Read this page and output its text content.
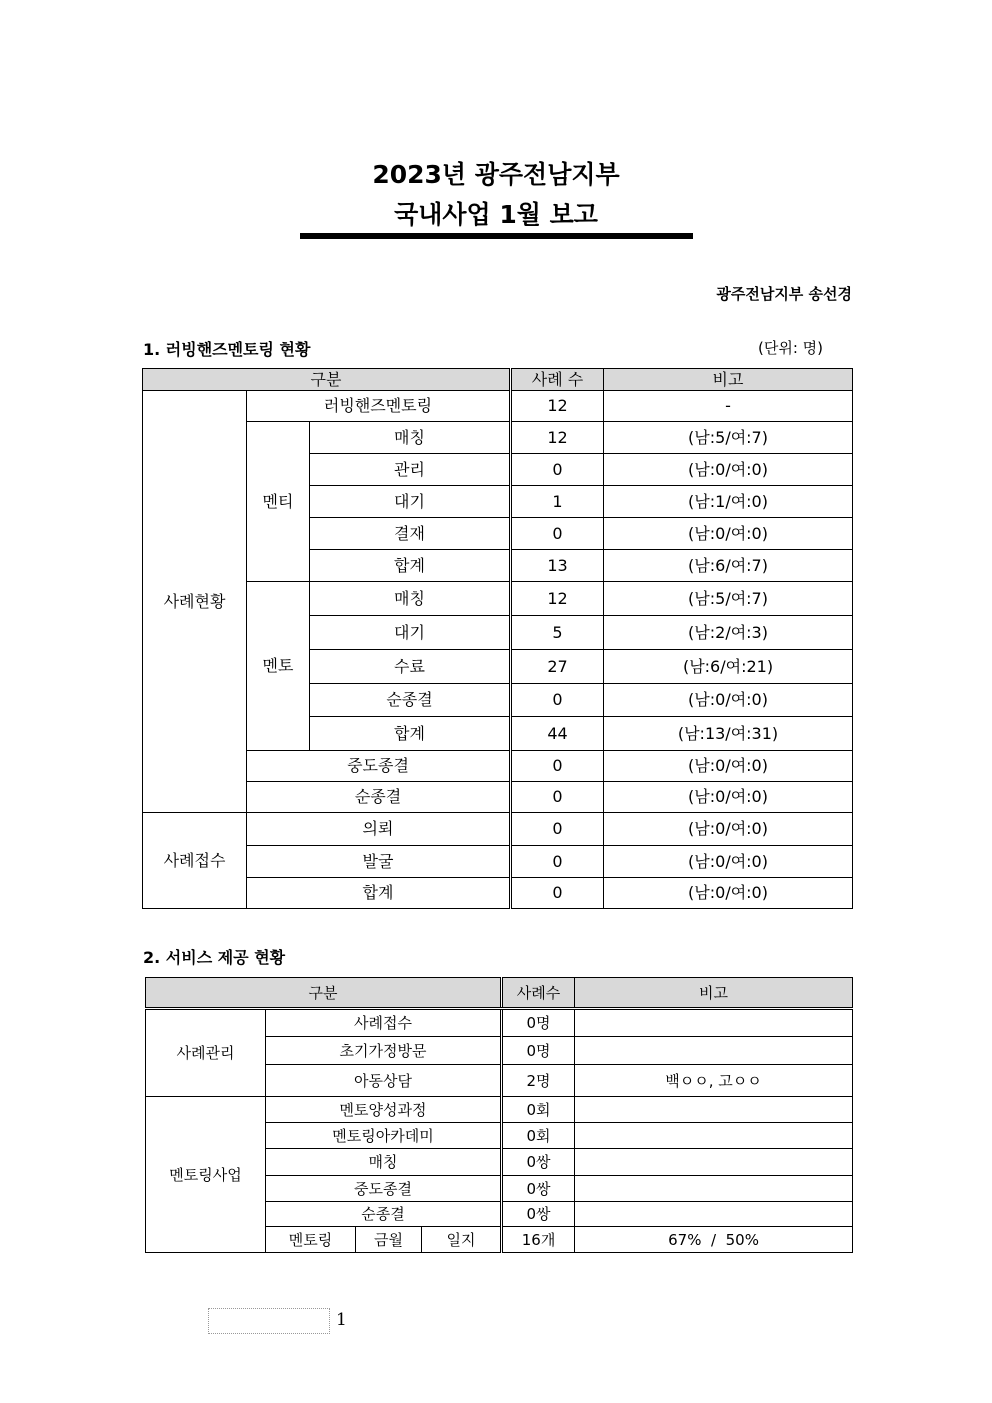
2023년 광주전남지부
국내사업 1월 보고
광주전남지부 송선경
1. 러빙핸즈멘토링 현황	(단위: 명)
구분			사례 수	비고
사례현황	러빙핸즈멘토링		12	-
	멘티	매칭	12	(남:5/여:7)
		관리	0	(남:0/여:0)
		대기	1	(남:1/여:0)
		결재	0	(남:0/여:0)
		합계	13	(남:6/여:7)
	멘토	매칭	12	(남:5/여:7)
		대기	5	(남:2/여:3)
		수료	27	(남:6/여:21)
		순종결	0	(남:0/여:0)
		합계	44	(남:13/여:31)
	중도종결		0	(남:0/여:0)
	순종결		0	(남:0/여:0)
사례접수	의뢰		0	(남:0/여:0)
	발굴		0	(남:0/여:0)
	합계		0	(남:0/여:0)
2. 서비스 제공 현황
구분				사례수	비고
사례관리	사례접수			0명	
	초기가정방문			0명	
	아동상담			2명	백ㅇㅇ, 고ㅇㅇ
멘토링사업	멘토양성과정			0회	
	멘토링아카데미			0회	
	매칭			0쌍	
	중도종결			0쌍	
	순종결			0쌍	
	멘토링	금월	일지	16개	67%  /  50%
1
